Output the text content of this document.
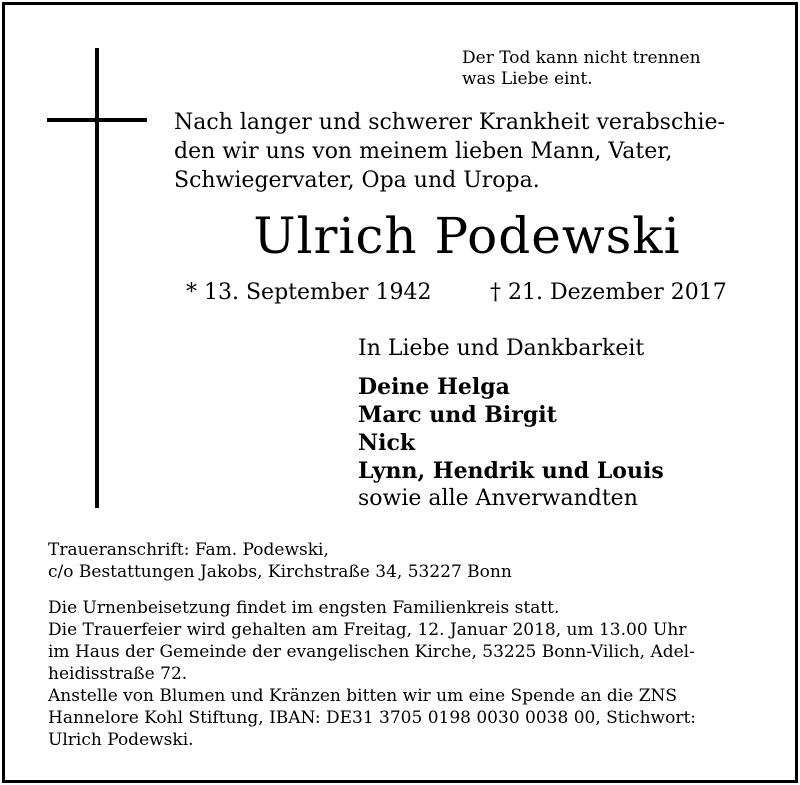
Der Tod kann nicht trennen
was Liebe eint.
Nach langer und schwerer Krankheit verabschie-
den wir uns von meinem lieben Mann, Vater,
Schwiegervater, Opa und Uropa.
Ulrich Podewski
* 13. September 1942	† 21. Dezember 2017
In Liebe und Dankbarkeit
Deine Helga
Marc und Birgit
Nick
Lynn, Hendrik und Louis
sowie alle Anverwandten
Traueranschrift: Fam. Podewski,
c/o Bestattungen Jakobs, Kirchstraße 34, 53227 Bonn
Die Urnenbeisetzung findet im engsten Familienkreis statt.
Die Trauerfeier wird gehalten am Freitag, 12. Januar 2018, um 13.00 Uhr
im Haus der Gemeinde der evangelischen Kirche, 53225 Bonn-Vilich, Adel-
heidisstraße 72.
Anstelle von Blumen und Kränzen bitten wir um eine Spende an die ZNS
Hannelore Kohl Stiftung, IBAN: DE31 3705 0198 0030 0038 00, Stichwort:
Ulrich Podewski.
